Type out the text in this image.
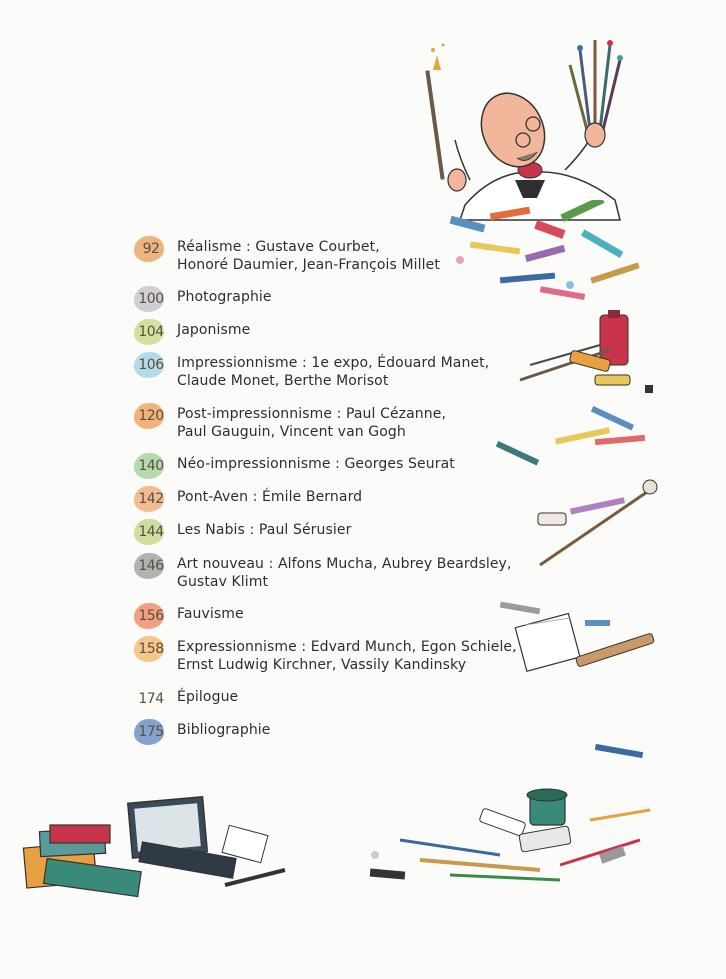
92 Réalisme : Gustave Courbet,
Honoré Daumier, Jean-François Millet
100 Photographie
104 Japonisme
106 Impressionnisme : 1e expo, Édouard Manet,
Claude Monet, Berthe Morisot
120 Post-impressionnisme : Paul Cézanne,
Paul Gauguin, Vincent van Gogh
140 Néo-impressionnisme : Georges Seurat
142 Pont-Aven : Émile Bernard
144 Les Nabis : Paul Sérusier
146 Art nouveau : Alfons Mucha, Aubrey Beardsley,
Gustav Klimt
156 Fauvisme
158 Expressionnisme : Edvard Munch, Egon Schiele,
Ernst Ludwig Kirchner, Vassily Kandinsky
174 Épilogue
175 Bibliographie
